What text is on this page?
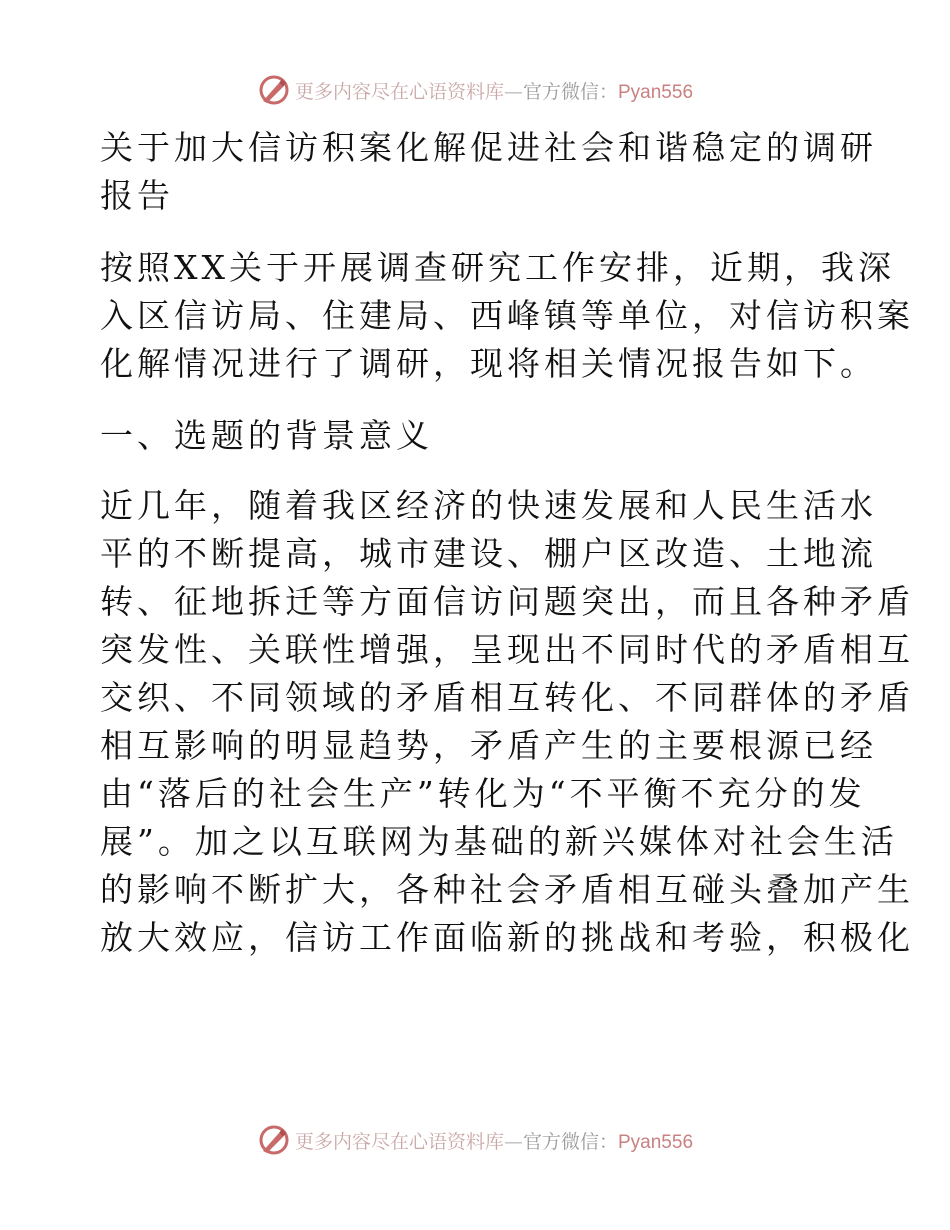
更多内容尽在心语资料库—官方微信：Pyan556
关于加大信访积案化解促进社会和谐稳定的调研
报告
按照XX关于开展调查研究工作安排，近期，我深
入区信访局、住建局、西峰镇等单位，对信访积案
化解情况进行了调研，现将相关情况报告如下。
一、选题的背景意义
近几年，随着我区经济的快速发展和人民生活水
平的不断提高，城市建设、棚户区改造、土地流
转、征地拆迁等方面信访问题突出，而且各种矛盾
突发性、关联性增强，呈现出不同时代的矛盾相互
交织、不同领域的矛盾相互转化、不同群体的矛盾
相互影响的明显趋势，矛盾产生的主要根源已经
由“落后的社会生产”转化为“不平衡不充分的发
展”。加之以互联网为基础的新兴媒体对社会生活
的影响不断扩大，各种社会矛盾相互碰头叠加产生
放大效应，信访工作面临新的挑战和考验，积极化
更多内容尽在心语资料库—官方微信：Pyan556
